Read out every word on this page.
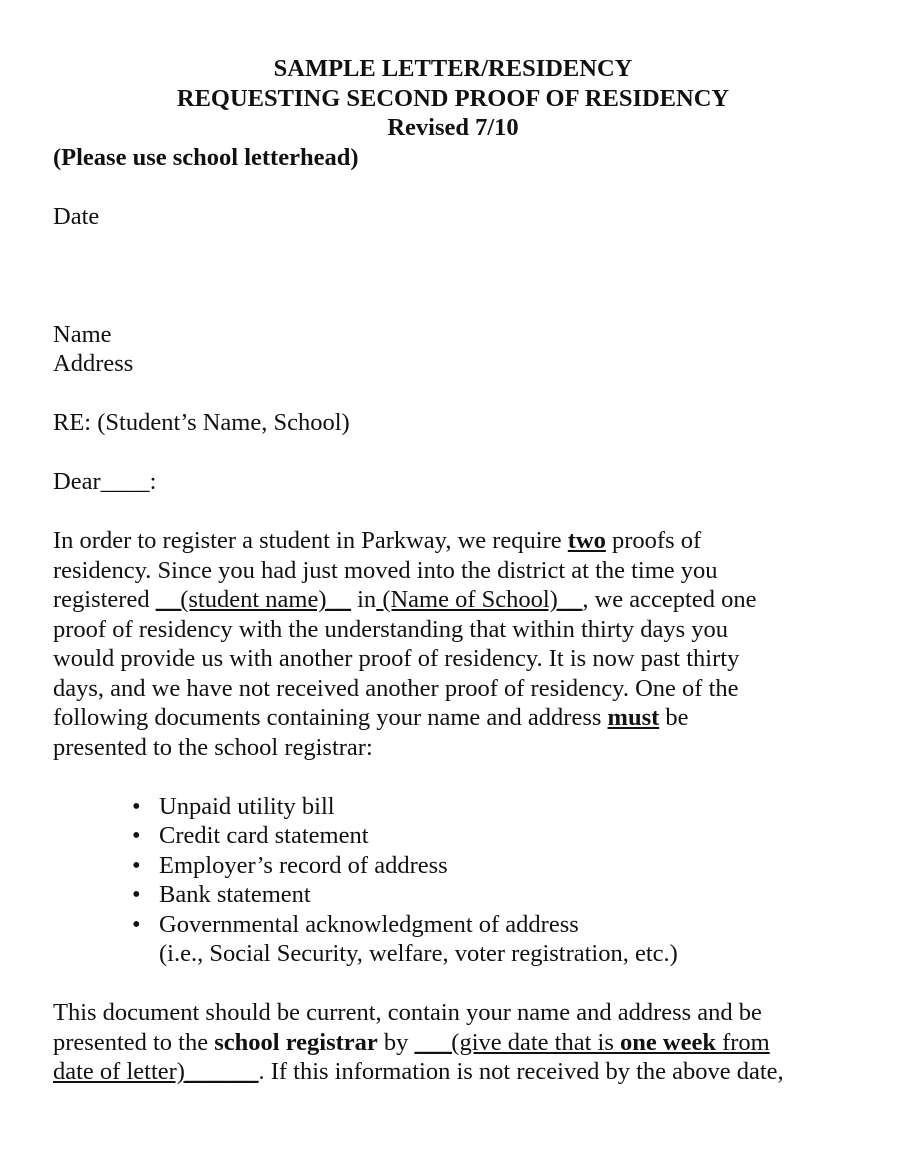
SAMPLE LETTER/RESIDENCY
REQUESTING SECOND PROOF OF RESIDENCY
Revised 7/10
(Please use school letterhead)
Date
Name
Address
RE: (Student’s Name, School)
Dear____:
In order to register a student in Parkway, we require two proofs of
residency. Since you had just moved into the district at the time you
registered __(student name)__ in (Name of School)__, we accepted one
proof of residency with the understanding that within thirty days you
would provide us with another proof of residency. It is now past thirty
days, and we have not received another proof of residency. One of the
following documents containing your name and address must be
presented to the school registrar:
• Unpaid utility bill
• Credit card statement
• Employer’s record of address
• Bank statement
• Governmental acknowledgment of address
(i.e., Social Security, welfare, voter registration, etc.)
This document should be current, contain your name and address and be
presented to the school registrar by ___(give date that is one week from
date of letter)______. If this information is not received by the above date,
